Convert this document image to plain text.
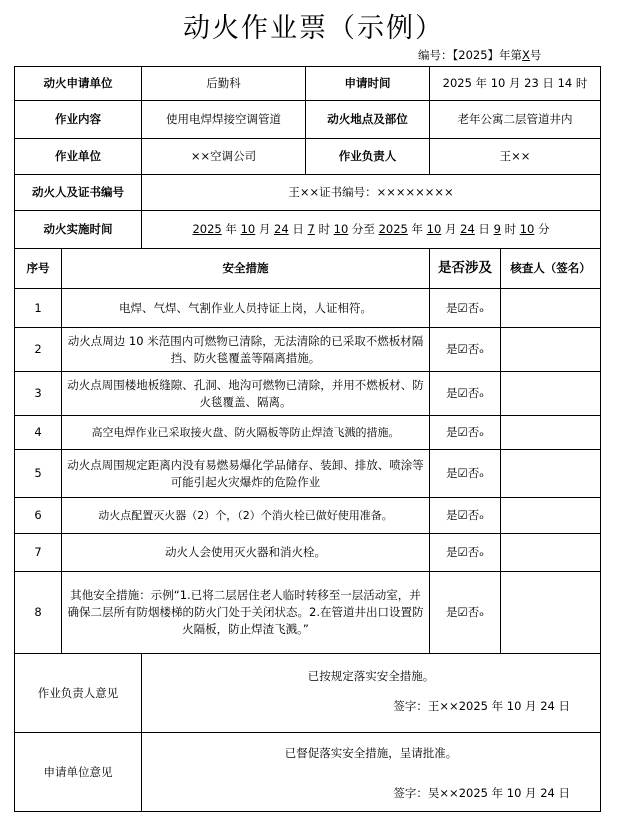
动火作业票（示例）
编号：【2025】年第X号
动火申请单位		后勤科	申请时间	2025 年 10 月 23 日 14 时	
作业内容		使用电焊焊接空调管道	动火地点及部位	老年公寓二层管道井内	
作业单位		××空调公司	作业负责人	王××	
动火人及证书编号		王××证书编号：××××××××			
动火实施时间		2025 年 10 月 24 日 7 时 10 分至 2025 年 10 月 24 日 9 时 10 分			
序号	安全措施			是否涉及	核查人（签名）
1	电焊、气焊、气割作业人员持证上岗，人证相符。			是☑否ₒ	
2	动火点周边 10 米范围内可燃物已清除，无法清除的已采取不燃板材隔挡、防火毯覆盖等隔离措施。			是☑否ₒ	
3	动火点周围楼地板缝隙、孔洞、地沟可燃物已清除，并用不燃板材、防火毯覆盖、隔离。			是☑否ₒ	
4	高空电焊作业已采取接火盘、防火隔板等防止焊渣飞溅的措施。			是☑否ₒ	
5	动火点周围规定距离内没有易燃易爆化学品储存、装卸、排放、喷涂等可能引起火灾爆炸的危险作业			是☑否ₒ	
6	动火点配置灭火器（2）个，（2）个消火栓已做好使用准备。			是☑否ₒ	
7	动火人会使用灭火器和消火栓。			是☑否ₒ	
8	其他安全措施：示例“1.已将二层居住老人临时转移至一层活动室，并确保二层所有防烟楼梯的防火门处于关闭状态。2.在管道井出口设置防火隔板，防止焊渣飞溅。”			是☑否ₒ	
作业负责人意见		已按规定落实安全措施。
签字：王××2025 年 10 月 24 日			

申请单位意见		已督促落实安全措施，呈请批准。
签字：吴××2025 年 10 月 24 日			
